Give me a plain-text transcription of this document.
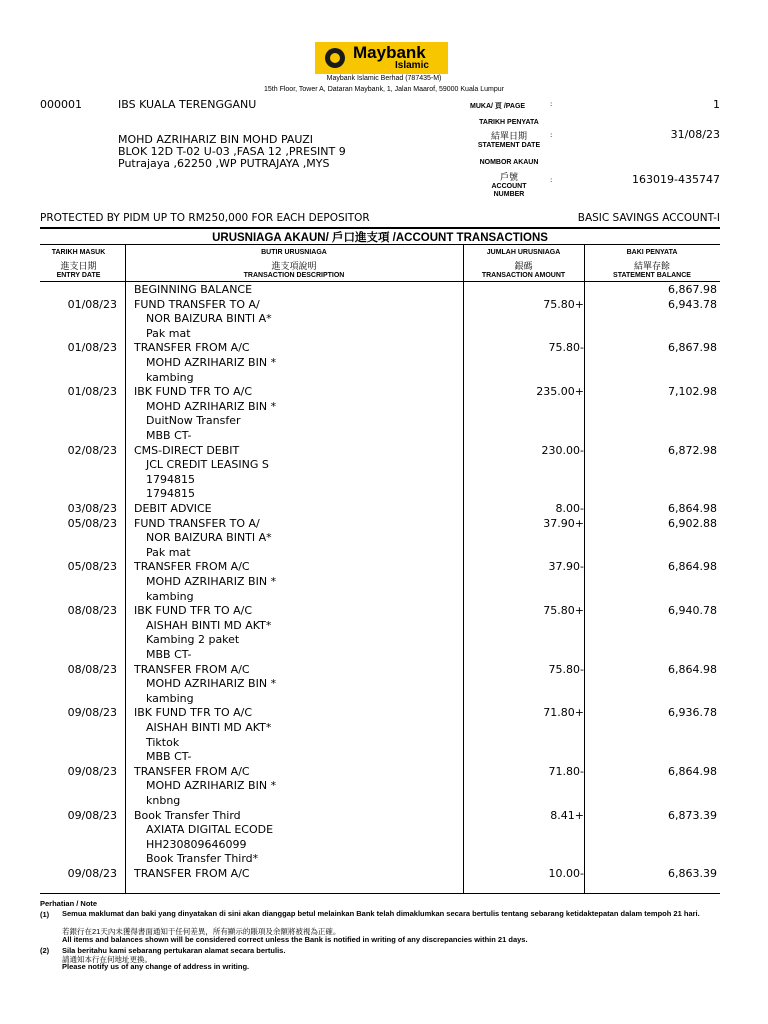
Maybank
Islamic
Maybank Islamic Berhad (787435-M)
15th Floor, Tower A, Dataran Maybank, 1, Jalan Maarof, 59000 Kuala Lumpur
000001	IBS KUALA TERENGGANU
MOHD AZRIHARIZ BIN MOHD PAUZI
BLOK 12D T-02 U-03 ,FASA 12 ,PRESINT 9
Putrajaya ,62250 ,WP PUTRAJAYA ,MYS
MUKA/ 頁 /PAGE	:	1
TARIKH PENYATA
結單日期
STATEMENT DATE
:	31/08/23
NOMBOR AKAUN
戶號
ACCOUNT
NUMBER
:	163019-435747
PROTECTED BY PIDM UP TO RM250,000 FOR EACH DEPOSITOR	BASIC SAVINGS ACCOUNT-I
URUSNIAGA AKAUN/ 戶口進支項 /ACCOUNT TRANSACTIONS
TARIKH MASUK
進支日期
ENTRY DATE
BUTIR URUSNIAGA
進支項說明
TRANSACTION DESCRIPTION
JUMLAH URUSNIAGA
銀碼
TRANSACTION AMOUNT
BAKI PENYATA
結單存餘
STATEMENT BALANCE
BEGINNING BALANCE	6,867.98
01/08/23 FUND TRANSFER TO A/	75.80+	6,943.78
NOR BAIZURA BINTI A*
Pak mat
01/08/23 TRANSFER FROM A/C	75.80-	6,867.98
MOHD AZRIHARIZ BIN *
kambing
01/08/23 IBK FUND TFR TO A/C	235.00+	7,102.98
MOHD AZRIHARIZ BIN *
DuitNow Transfer
MBB CT-
02/08/23 CMS-DIRECT DEBIT	230.00-	6,872.98
JCL CREDIT LEASING S
1794815
1794815
03/08/23 DEBIT ADVICE	8.00-	6,864.98
05/08/23 FUND TRANSFER TO A/	37.90+	6,902.88
NOR BAIZURA BINTI A*
Pak mat
05/08/23 TRANSFER FROM A/C	37.90-	6,864.98
MOHD AZRIHARIZ BIN *
kambing
08/08/23 IBK FUND TFR TO A/C	75.80+	6,940.78
AISHAH BINTI MD AKT*
Kambing 2 paket
MBB CT-
08/08/23 TRANSFER FROM A/C	75.80-	6,864.98
MOHD AZRIHARIZ BIN *
kambing
09/08/23 IBK FUND TFR TO A/C	71.80+	6,936.78
AISHAH BINTI MD AKT*
Tiktok
MBB CT-
09/08/23 TRANSFER FROM A/C	71.80-	6,864.98
MOHD AZRIHARIZ BIN *
knbng
09/08/23 Book Transfer Third	8.41+	6,873.39
AXIATA DIGITAL ECODE
HH230809646099
Book Transfer Third*
09/08/23 TRANSFER FROM A/C	10.00-	6,863.39
Perhatian / Note
(1) Semua maklumat dan baki yang dinyatakan di sini akan dianggap betul melainkan Bank telah dimaklumkan secara bertulis tentang sebarang ketidaktepatan dalam tempoh 21 hari.
若銀行在21天內未獲得書面通知于任何差異，所有顯示的賬項及余額將被視為正確。
All items and balances shown will be considered correct unless the Bank is notified in writing of any discrepancies within 21 days.
(2) Sila beritahu kami sebarang pertukaran alamat secara bertulis.
請通知本行在何地址更換。
Please notify us of any change of address in writing.
